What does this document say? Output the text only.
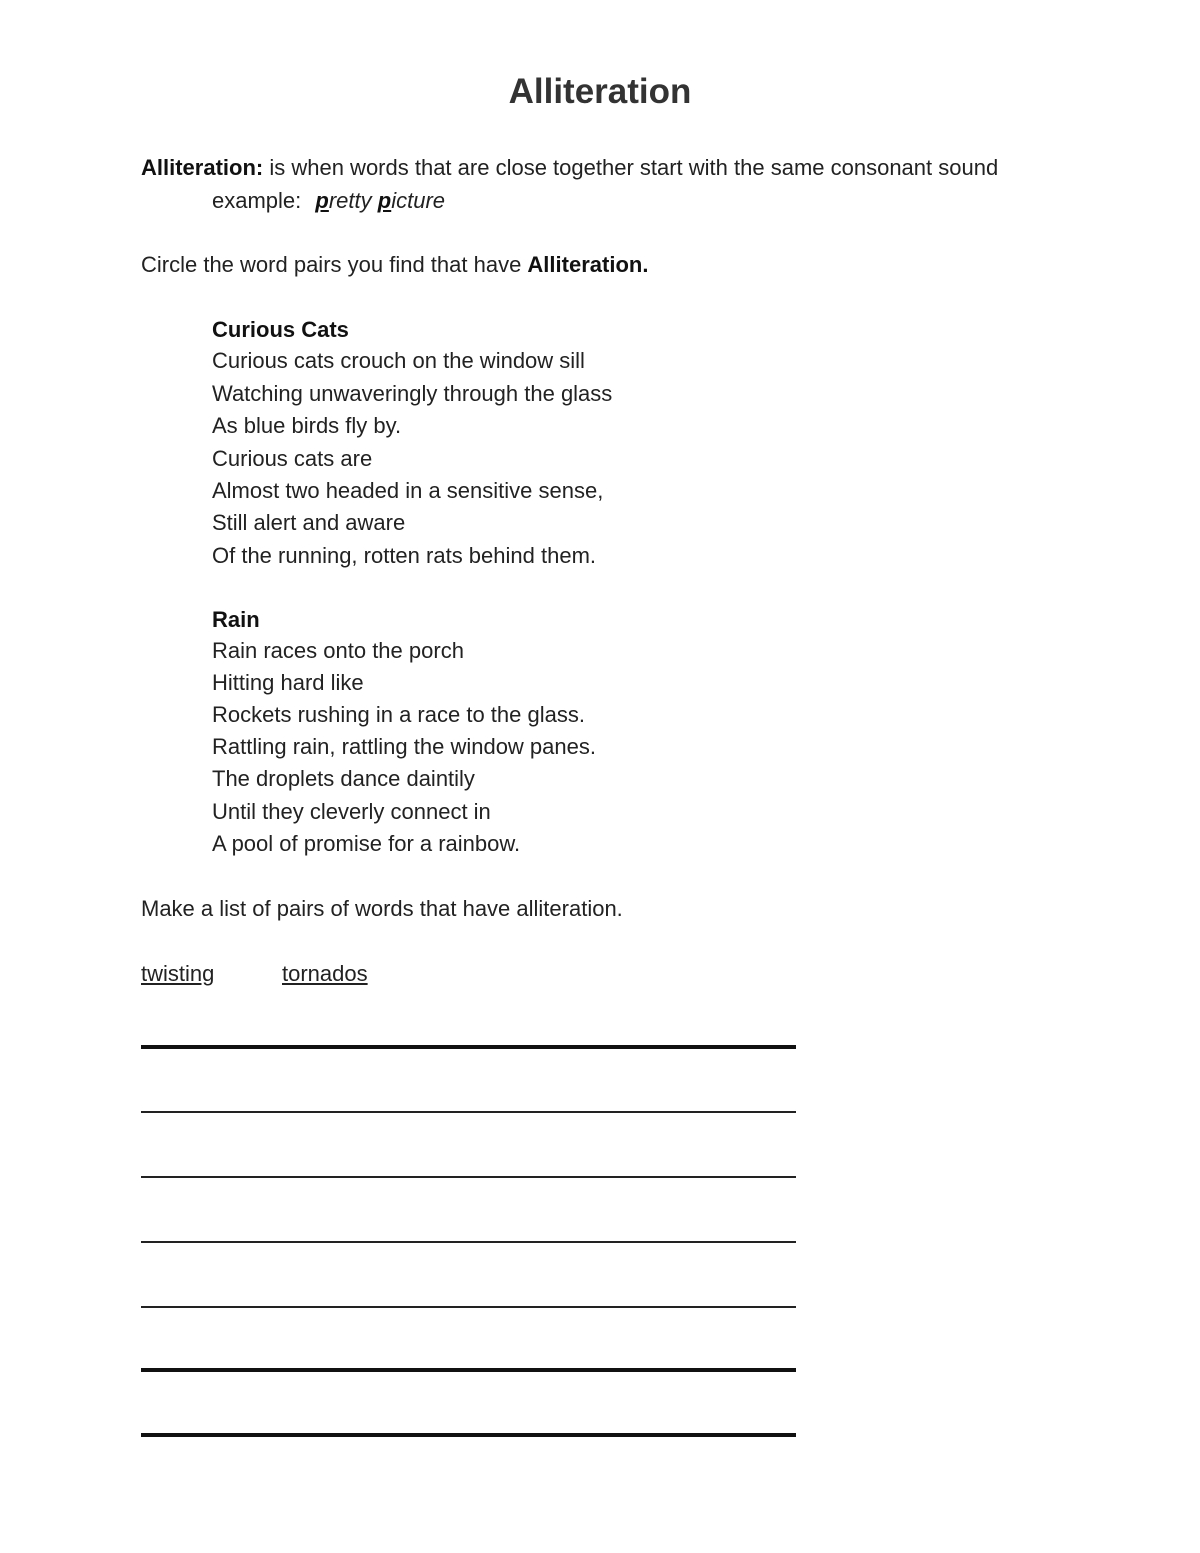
Alliteration
Alliteration: is when words that are close together start with the same consonant sound
example: pretty picture
Circle the word pairs you find that have Alliteration.
Curious Cats
Curious cats crouch on the window sill
Watching unwaveringly through the glass
As blue birds fly by.
Curious cats are
Almost two headed in a sensitive sense,
Still alert and aware
Of the running, rotten rats behind them.
Rain
Rain races onto the porch
Hitting hard like
Rockets rushing in a race to the glass.
Rattling rain, rattling the window panes.
The droplets dance daintily
Until they cleverly connect in
A pool of promise for a rainbow.
Make a list of pairs of words that have alliteration.
twisting	tornados
